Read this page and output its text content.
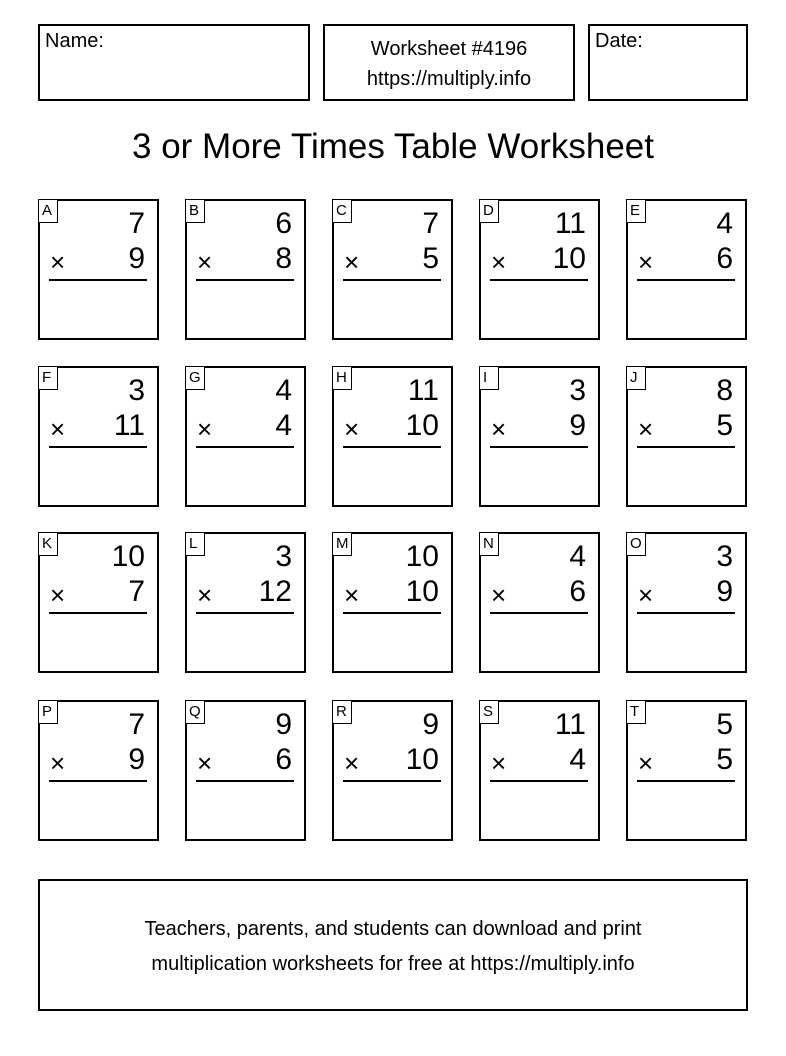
Name:	Worksheet #4196
https://multiply.info
Date:
3 or More Times Table Worksheet
A	7
× 9
B	6
× 8
C	7
× 5
D 11
× 10
E	4
× 6
F	3
× 11
G 4
× 4
H 11
× 10
I	3
× 9
J	8
× 5
K 10
× 7
L	3
× 12
M 10
× 10
N	4
× 6
O 3
× 9
P	7
× 9
Q 9
× 6
R	9
× 10
S 11
× 4
T	5
× 5
Teachers, parents, and students can download and print
multiplication worksheets for free at https://multiply.info
